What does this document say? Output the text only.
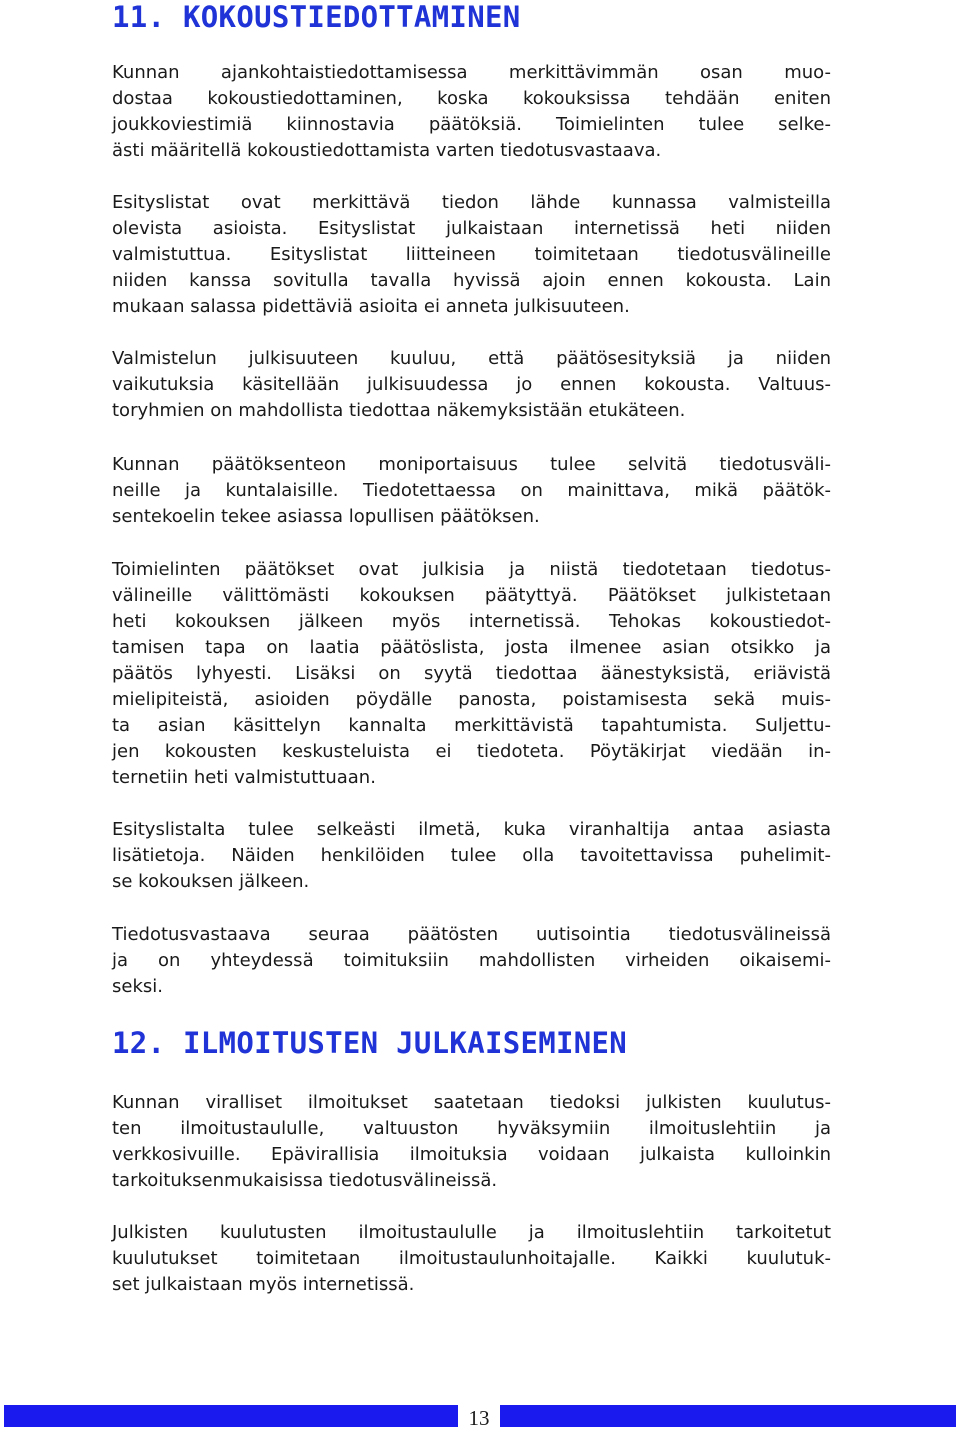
11. KOKOUSTIEDOTTAMINEN

Kunnan ajankohtaistiedottamisessa merkittävimmän osan muo-
dostaa kokoustiedottaminen, koska kokouksissa tehdään eniten
joukkoviestimiä kiinnostavia päätöksiä. Toimielinten tulee selke-
ästi määritellä kokoustiedottamista varten tiedotusvastaava.

Esityslistat ovat merkittävä tiedon lähde kunnassa valmisteilla
olevista asioista. Esityslistat julkaistaan internetissä heti niiden
valmistuttua. Esityslistat liitteineen toimitetaan tiedotusvälineille
niiden kanssa sovitulla tavalla hyvissä ajoin ennen kokousta. Lain
mukaan salassa pidettäviä asioita ei anneta julkisuuteen.

Valmistelun julkisuuteen kuuluu, että päätösesityksiä ja niiden
vaikutuksia käsitellään julkisuudessa jo ennen kokousta. Valtuus-
toryhmien on mahdollista tiedottaa näkemyksistään etukäteen.

Kunnan päätöksenteon moniportaisuus tulee selvitä tiedotusväli-
neille ja kuntalaisille. Tiedotettaessa on mainittava, mikä päätök-
sentekoelin tekee asiassa lopullisen päätöksen.

Toimielinten päätökset ovat julkisia ja niistä tiedotetaan tiedotus-
välineille välittömästi kokouksen päätyttyä. Päätökset julkistetaan
heti kokouksen jälkeen myös internetissä. Tehokas kokoustiedot-
tamisen tapa on laatia päätöslista, josta ilmenee asian otsikko ja
päätös lyhyesti. Lisäksi on syytä tiedottaa äänestyksistä, eriävistä
mielipiteistä, asioiden pöydälle panosta, poistamisesta sekä muis-
ta asian käsittelyn kannalta merkittävistä tapahtumista. Suljettu-
jen kokousten keskusteluista ei tiedoteta. Pöytäkirjat viedään in-
ternetiin heti valmistuttuaan.

Esityslistalta tulee selkeästi ilmetä, kuka viranhaltija antaa asiasta
lisätietoja. Näiden henkilöiden tulee olla tavoitettavissa puhelimit-
se kokouksen jälkeen.

Tiedotusvastaava seuraa päätösten uutisointia tiedotusvälineissä
ja on yhteydessä toimituksiin mahdollisten virheiden oikaisemi-
seksi.

12. ILMOITUSTEN JULKAISEMINEN

Kunnan viralliset ilmoitukset saatetaan tiedoksi julkisten kuulutus-
ten ilmoitustaululle, valtuuston hyväksymiin ilmoituslehtiin ja
verkkosivuille. Epävirallisia ilmoituksia voidaan julkaista kulloinkin
tarkoituksenmukaisissa tiedotusvälineissä.

Julkisten kuulutusten ilmoitustaululle ja ilmoituslehtiin tarkoitetut
kuulutukset toimitetaan ilmoitustaulunhoitajalle. Kaikki kuulutuk-
set julkaistaan myös internetissä.

13
